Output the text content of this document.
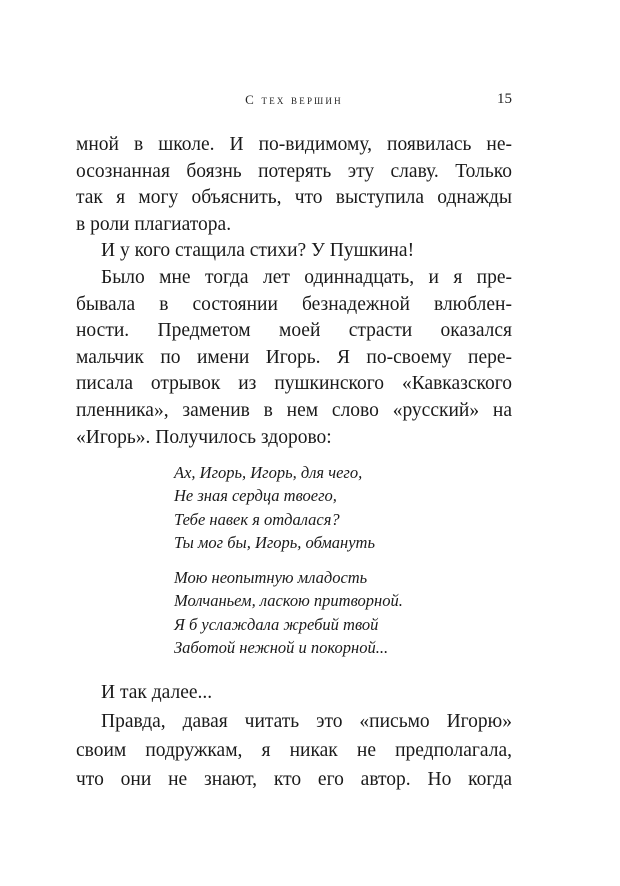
С тех вершин	15
мной в школе. И по-видимому, появилась не-
осознанная боязнь потерять эту славу. Только
так я могу объяснить, что выступила однажды
в роли плагиатора.
И у кого стащила стихи? У Пушкина!
Было мне тогда лет одиннадцать, и я пре-
бывала в состоянии безнадежной влюблен-
ности. Предметом моей страсти оказался
мальчик по имени Игорь. Я по-своему пере-
писала отрывок из пушкинского «Кавказского
пленника», заменив в нем слово «русский» на
«Игорь». Получилось здорово:
Ах, Игорь, Игорь, для чего,
Не зная сердца твоего,
Тебе навек я отдалася?
Ты мог бы, Игорь, обмануть
Мою неопытную младость
Молчаньем, ласкою притворной.
Я б услаждала жребий твой
Заботой нежной и покорной...
И так далее...
Правда, давая читать это «письмо Игорю»
своим подружкам, я никак не предполагала,
что они не знают, кто его автор. Но когда
